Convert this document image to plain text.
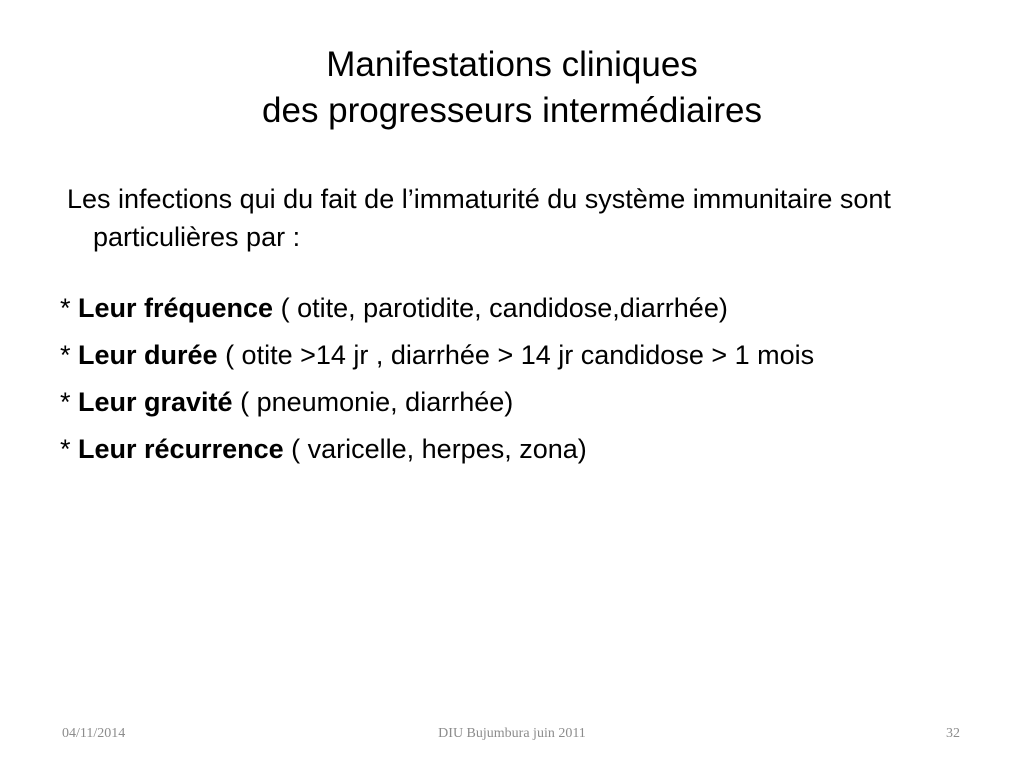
Manifestations cliniques
des progresseurs intermédiaires

Les infections qui du fait de l’immaturité du système immunitaire sont particulières par :

* Leur fréquence ( otite, parotidite, candidose,diarrhée)

* Leur durée ( otite >14 jr , diarrhée > 14 jr candidose > 1 mois

* Leur gravité ( pneumonie, diarrhée)

* Leur récurrence ( varicelle, herpes, zona)

04/11/2014	DIU Bujumbura juin 2011	32
